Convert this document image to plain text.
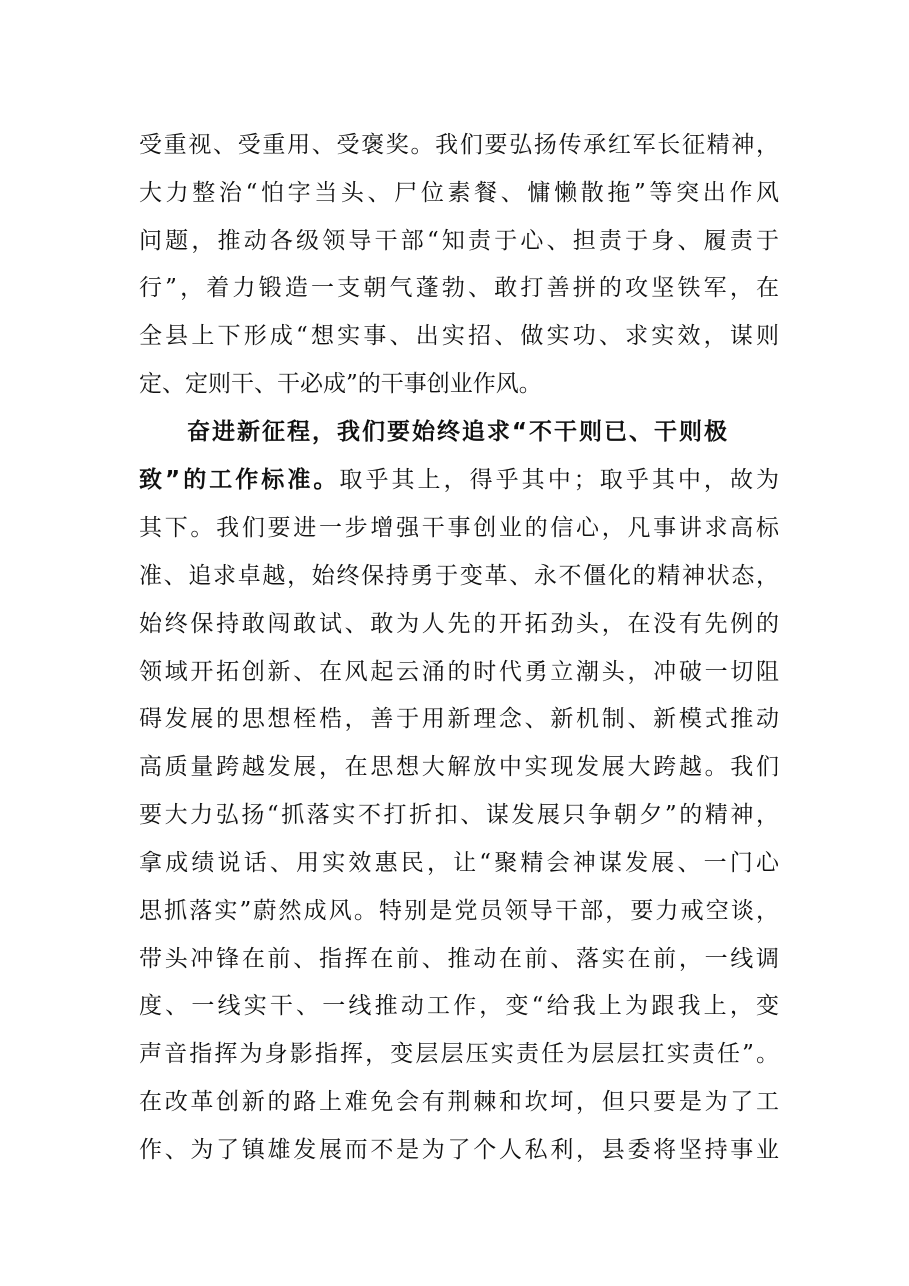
受重视、受重用、受褒奖。我们要弘扬传承红军长征精神，
大力整治“怕字当头、尸位素餐、慵懒散拖”等突出作风
问题，推动各级领导干部“知责于心、担责于身、履责于
行”，着力锻造一支朝气蓬勃、敢打善拼的攻坚铁军，在
全县上下形成“想实事、出实招、做实功、求实效，谋则
定、定则干、干必成”的干事创业作风。
奋进新征程，我们要始终追求“不干则已、干则极
致”的工作标准。取乎其上，得乎其中；取乎其中，故为
其下。我们要进一步增强干事创业的信心，凡事讲求高标
准、追求卓越，始终保持勇于变革、永不僵化的精神状态，
始终保持敢闯敢试、敢为人先的开拓劲头，在没有先例的
领域开拓创新、在风起云涌的时代勇立潮头，冲破一切阻
碍发展的思想桎梏，善于用新理念、新机制、新模式推动
高质量跨越发展，在思想大解放中实现发展大跨越。我们
要大力弘扬“抓落实不打折扣、谋发展只争朝夕”的精神，
拿成绩说话、用实效惠民，让“聚精会神谋发展、一门心
思抓落实”蔚然成风。特别是党员领导干部，要力戒空谈，
带头冲锋在前、指挥在前、推动在前、落实在前，一线调
度、一线实干、一线推动工作，变“给我上为跟我上，变
声音指挥为身影指挥，变层层压实责任为层层扛实责任”。
在改革创新的路上难免会有荆棘和坎坷，但只要是为了工
作、为了镇雄发展而不是为了个人私利，县委将坚持事业
